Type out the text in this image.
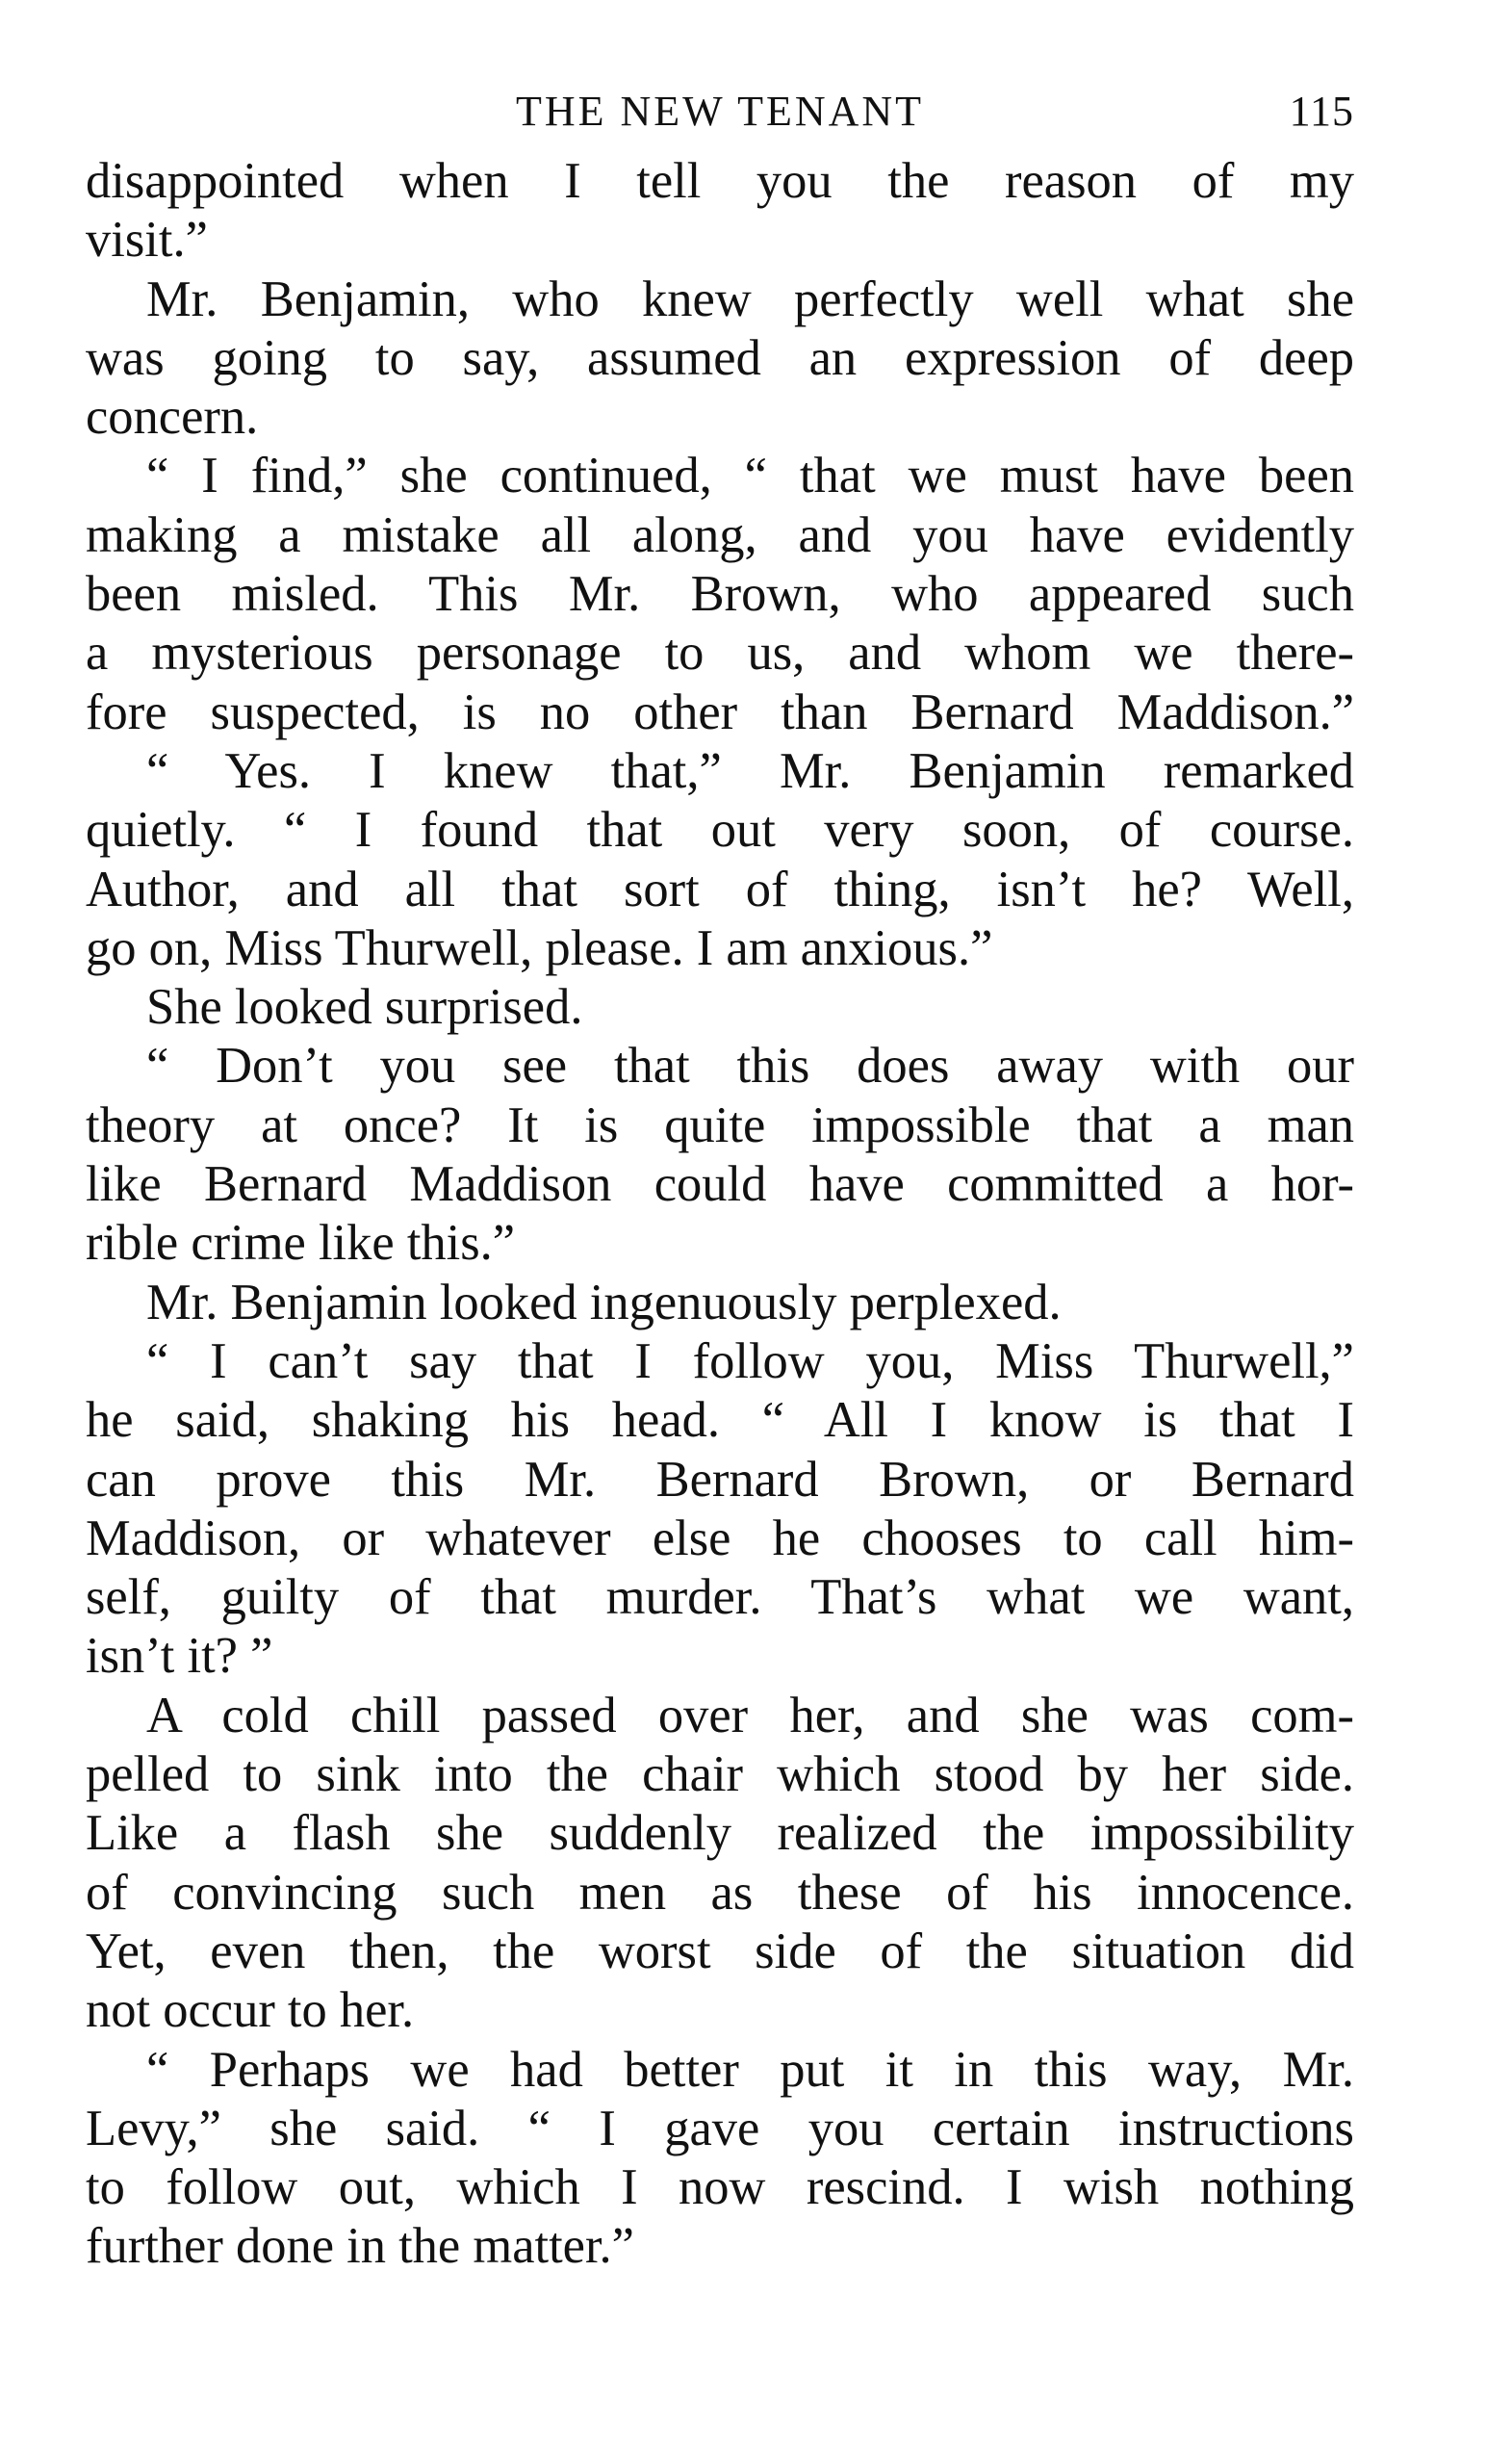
THE NEW TENANT	115
disappointed when I tell you the reason of my
visit.”
Mr. Benjamin, who knew perfectly well what she
was going to say, assumed an expression of deep
concern.
“ I find,” she continued, “ that we must have been
making a mistake all along, and you have evidently
been misled. This Mr. Brown, who appeared such
a mysterious personage to us, and whom we there-
fore suspected, is no other than Bernard Maddison.”
“ Yes. I knew that,” Mr. Benjamin remarked
quietly. “ I found that out very soon, of course.
Author, and all that sort of thing, isn’t he? Well,
go on, Miss Thurwell, please. I am anxious.”
She looked surprised.
“ Don’t you see that this does away with our
theory at once? It is quite impossible that a man
like Bernard Maddison could have committed a hor-
rible crime like this.”
Mr. Benjamin looked ingenuously perplexed.
“ I can’t say that I follow you, Miss Thurwell,”
he said, shaking his head. “ All I know is that I
can prove this Mr. Bernard Brown, or Bernard
Maddison, or whatever else he chooses to call him-
self, guilty of that murder. That’s what we want,
isn’t it? ”
A cold chill passed over her, and she was com-
pelled to sink into the chair which stood by her side.
Like a flash she suddenly realized the impossibility
of convincing such men as these of his innocence.
Yet, even then, the worst side of the situation did
not occur to her.
“ Perhaps we had better put it in this way, Mr.
Levy,” she said. “ I gave you certain instructions
to follow out, which I now rescind. I wish nothing
further done in the matter.”
